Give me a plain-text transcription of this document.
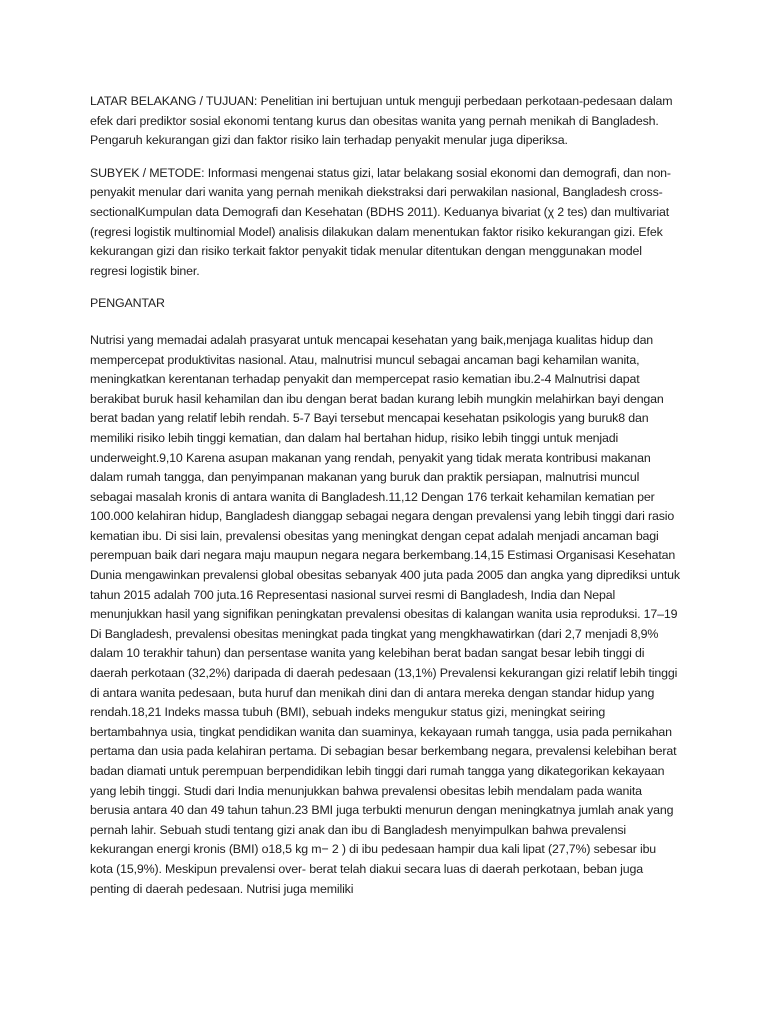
LATAR BELAKANG / TUJUAN: Penelitian ini bertujuan untuk menguji perbedaan perkotaan-pedesaan dalam efek dari prediktor sosial ekonomi tentang kurus dan obesitas wanita yang pernah menikah di Bangladesh. Pengaruh kekurangan gizi dan faktor risiko lain terhadap penyakit menular juga diperiksa.

SUBYEK / METODE: Informasi mengenai status gizi, latar belakang sosial ekonomi dan demografi, dan non-penyakit menular dari wanita yang pernah menikah diekstraksi dari perwakilan nasional, Bangladesh cross-sectionalKumpulan data Demografi dan Kesehatan (BDHS 2011). Keduanya bivariat (χ 2 tes) dan multivariat (regresi logistik multinomial Model) analisis dilakukan dalam menentukan faktor risiko kekurangan gizi. Efek kekurangan gizi dan risiko terkait faktor penyakit tidak menular ditentukan dengan menggunakan model regresi logistik biner.

PENGANTAR

Nutrisi yang memadai adalah prasyarat untuk mencapai kesehatan yang baik,menjaga kualitas hidup dan mempercepat produktivitas nasional. Atau, malnutrisi muncul sebagai ancaman bagi kehamilan wanita, meningkatkan kerentanan terhadap penyakit dan mempercepat rasio kematian ibu.2-4 Malnutrisi dapat berakibat buruk hasil kehamilan dan ibu dengan berat badan kurang lebih mungkin melahirkan bayi dengan berat badan yang relatif lebih rendah. 5-7 Bayi tersebut mencapai kesehatan psikologis yang buruk8 dan memiliki risiko lebih tinggi kematian, dan dalam hal bertahan hidup, risiko lebih tinggi untuk menjadi underweight.9,10 Karena asupan makanan yang rendah, penyakit yang tidak merata kontribusi makanan dalam rumah tangga, dan penyimpanan makanan yang buruk dan praktik persiapan, malnutrisi muncul sebagai masalah kronis di antara wanita di Bangladesh.11,12 Dengan 176 terkait kehamilan kematian per 100.000 kelahiran hidup, Bangladesh dianggap sebagai negara dengan prevalensi yang lebih tinggi dari rasio kematian ibu. Di sisi lain, prevalensi obesitas yang meningkat dengan cepat adalah menjadi ancaman bagi perempuan baik dari negara maju maupun negara negara berkembang.14,15 Estimasi Organisasi Kesehatan Dunia mengawinkan prevalensi global obesitas sebanyak 400 juta pada 2005 dan angka yang diprediksi untuk tahun 2015 adalah 700 juta.16 Representasi nasional survei resmi di Bangladesh, India dan Nepal menunjukkan hasil yang signifikan peningkatan prevalensi obesitas di kalangan wanita usia reproduksi. 17–19 Di Bangladesh, prevalensi obesitas meningkat pada tingkat yang mengkhawatirkan (dari 2,7 menjadi 8,9% dalam 10 terakhir tahun) dan persentase wanita yang kelebihan berat badan sangat besar lebih tinggi di daerah perkotaan (32,2%) daripada di daerah pedesaan (13,1%) Prevalensi kekurangan gizi relatif lebih tinggi di antara wanita pedesaan, buta huruf dan menikah dini dan di antara mereka dengan standar hidup yang rendah.18,21 Indeks massa tubuh (BMI), sebuah indeks mengukur status gizi, meningkat seiring bertambahnya usia, tingkat pendidikan wanita dan suaminya, kekayaan rumah tangga, usia pada pernikahan pertama dan usia pada kelahiran pertama. Di sebagian besar berkembang negara, prevalensi kelebihan berat badan diamati untuk perempuan berpendidikan lebih tinggi dari rumah tangga yang dikategorikan kekayaan yang lebih tinggi. Studi dari India menunjukkan bahwa prevalensi obesitas lebih mendalam pada wanita berusia antara 40 dan 49 tahun tahun.23 BMI juga terbukti menurun dengan meningkatnya jumlah anak yang pernah lahir. Sebuah studi tentang gizi anak dan ibu di Bangladesh menyimpulkan bahwa prevalensi kekurangan energi kronis (BMI) o18,5 kg m− 2 ) di ibu pedesaan hampir dua kali lipat (27,7%) sebesar ibu kota (15,9%). Meskipun prevalensi over- berat telah diakui secara luas di daerah perkotaan, beban juga penting di daerah pedesaan. Nutrisi juga memiliki
